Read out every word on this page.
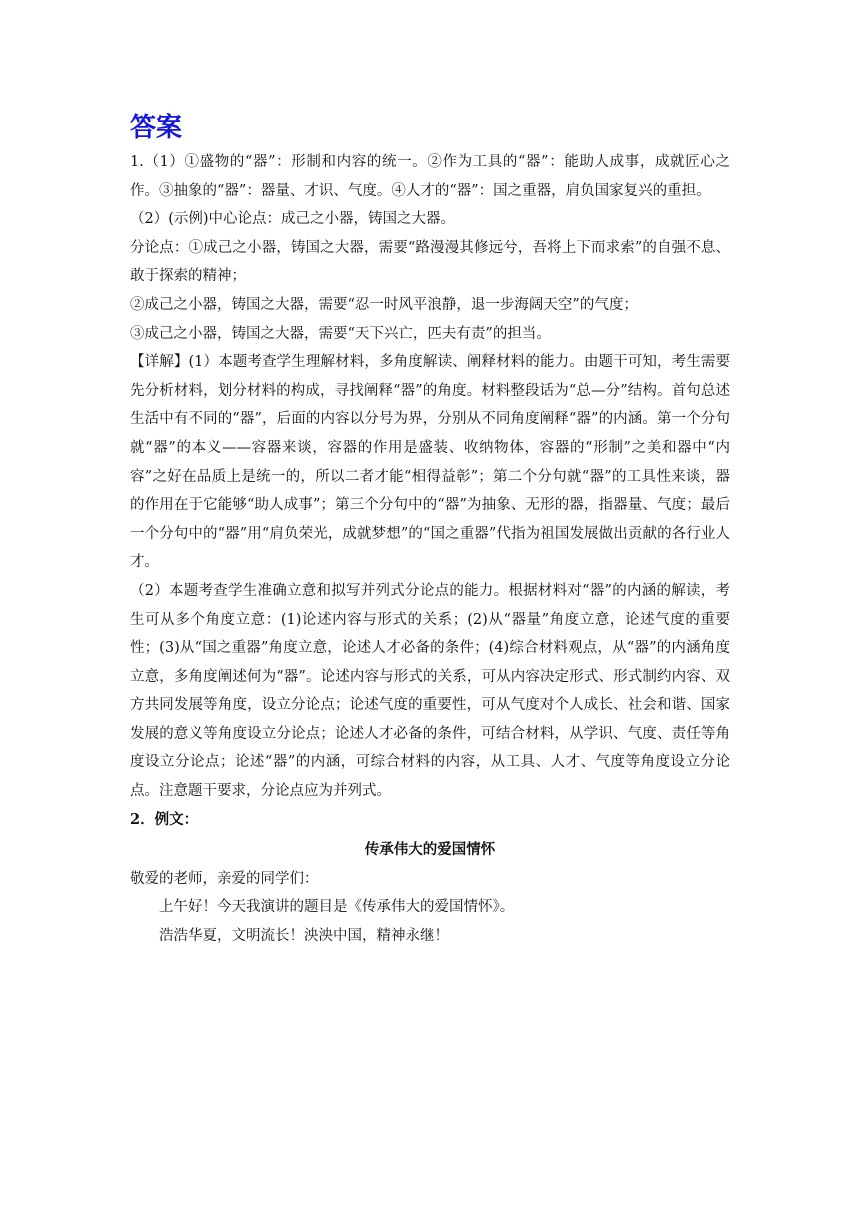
答案

1.（1）①盛物的“器”：形制和内容的统一。②作为工具的“器”：能助人成事，成就匠心之作。③抽象的“器”：器量、才识、气度。④人才的“器”：国之重器，肩负国家复兴的重担。

（2）(示例)中心论点：成己之小器，铸国之大器。

分论点：①成己之小器，铸国之大器，需要“路漫漫其修远兮，吾将上下而求索”的自强不息、敢于探索的精神；

②成己之小器，铸国之大器，需要“忍一时风平浪静，退一步海阔天空”的气度；

③成己之小器，铸国之大器，需要“天下兴亡，匹夫有责”的担当。

【详解】(1）本题考查学生理解材料，多角度解读、阐释材料的能力。由题干可知，考生需要先分析材料，划分材料的构成，寻找阐释“器”的角度。材料整段话为“总—分”结构。首句总述生活中有不同的“器”，后面的内容以分号为界，分别从不同角度阐释“器”的内涵。第一个分句就“器”的本义——容器来谈，容器的作用是盛装、收纳物体，容器的“形制”之美和器中“内容”之好在品质上是统一的，所以二者才能“相得益彰”；第二个分句就“器”的工具性来谈，器的作用在于它能够“助人成事”；第三个分句中的“器”为抽象、无形的器，指器量、气度；最后一个分句中的“器”用“肩负荣光，成就梦想”的“国之重器”代指为祖国发展做出贡献的各行业人才。

（2）本题考查学生准确立意和拟写并列式分论点的能力。根据材料对“器”的内涵的解读，考生可从多个角度立意：(1)论述内容与形式的关系；(2)从“器量”角度立意，论述气度的重要性；(3)从“国之重器”角度立意，论述人才必备的条件；(4)综合材料观点，从“器”的内涵角度立意，多角度阐述何为“器”。论述内容与形式的关系，可从内容决定形式、形式制约内容、双方共同发展等角度，设立分论点；论述气度的重要性，可从气度对个人成长、社会和谐、国家发展的意义等角度设立分论点；论述人才必备的条件，可结合材料，从学识、气度、责任等角度设立分论点；论述“器”的内涵，可综合材料的内容，从工具、人才、气度等角度设立分论点。注意题干要求，分论点应为并列式。

2．例文：

传承伟大的爱国情怀

敬爱的老师，亲爱的同学们：

上午好！今天我演讲的题目是《传承伟大的爱国情怀》。

浩浩华夏，文明流长！泱泱中国，精神永继！
